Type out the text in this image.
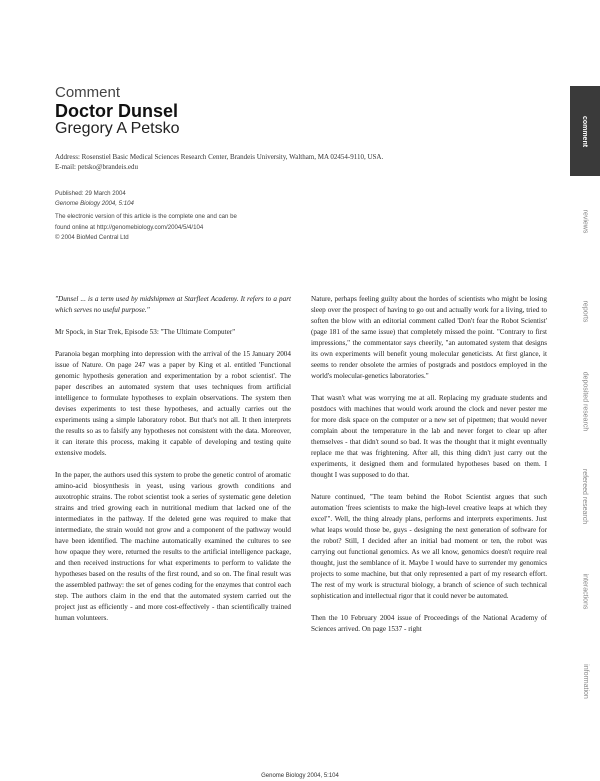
Comment
Doctor Dunsel
Gregory A Petsko
Address: Rosenstiel Basic Medical Sciences Research Center, Brandeis University, Waltham, MA 02454-9110, USA.
E-mail: petsko@brandeis.edu
Published: 29 March 2004
Genome Biology 2004, 5:104
The electronic version of this article is the complete one and can be
found online at http://genomebiology.com/2004/5/4/104
© 2004 BioMed Central Ltd

"Dunsel ... is a term used by midshipmen at Starfleet Academy. It refers to a part which serves no useful purpose."

Mr Spock, in Star Trek, Episode 53: "The Ultimate Computer"

Paranoia began morphing into depression with the arrival of the 15 January 2004 issue of Nature. On page 247 was a paper by King et al. entitled 'Functional genomic hypothesis generation and experimentation by a robot scientist'. The paper describes an automated system that uses techniques from artificial intelligence to formulate hypotheses to explain observations. The system then devises experiments to test these hypotheses, and actually carries out the experiments using a simple laboratory robot. But that's not all. It then interprets the results so as to falsify any hypotheses not consistent with the data. Moreover, it can iterate this process, making it capable of developing and testing quite extensive models.

In the paper, the authors used this system to probe the genetic control of aromatic amino-acid biosynthesis in yeast, using various growth conditions and auxotrophic strains. The robot scientist took a series of systematic gene deletion strains and tried growing each in nutritional medium that lacked one of the intermediates in the pathway. If the deleted gene was required to make that intermediate, the strain would not grow and a component of the pathway would have been identified. The machine automatically examined the cultures to see how opaque they were, returned the results to the artificial intelligence package, and then received instructions for what experiments to perform to validate the hypotheses based on the results of the first round, and so on. The final result was the assembled pathway: the set of genes coding for the enzymes that control each step. The authors claim in the end that the automated system carried out the project just as efficiently - and more cost-effectively - than scientifically trained human volunteers.

Nature, perhaps feeling guilty about the hordes of scientists who might be losing sleep over the prospect of having to go out and actually work for a living, tried to soften the blow with an editorial comment called 'Don't fear the Robot Scientist' (page 181 of the same issue) that completely missed the point. "Contrary to first impressions," the commentator says cheerily, "an automated system that designs its own experiments will benefit young molecular geneticists. At first glance, it seems to render obsolete the armies of postgrads and postdocs employed in the world's molecular-genetics laboratories."

That wasn't what was worrying me at all. Replacing my graduate students and postdocs with machines that would work around the clock and never pester me for more disk space on the computer or a new set of pipetmen; that would never complain about the temperature in the lab and never forget to clear up after themselves - that didn't sound so bad. It was the thought that it might eventually replace me that was frightening. After all, this thing didn't just carry out the experiments, it designed them and formulated hypotheses based on them. I thought I was supposed to do that.

Nature continued, "The team behind the Robot Scientist argues that such automation 'frees scientists to make the high-level creative leaps at which they excel'". Well, the thing already plans, performs and interprets experiments. Just what leaps would those be, guys - designing the next generation of software for the robot? Still, I decided after an initial bad moment or ten, the robot was carrying out functional genomics. As we all know, genomics doesn't require real thought, just the semblance of it. Maybe I would have to surrender my genomics projects to some machine, but that only represented a part of my research effort. The rest of my work is structural biology, a branch of science of such technical sophistication and intellectual rigor that it could never be automated.

Then the 10 February 2004 issue of Proceedings of the National Academy of Sciences arrived. On page 1537 - right

Genome Biology 2004, 5:104
comment
reviews
reports
deposited research
refereed research
interactions
information
